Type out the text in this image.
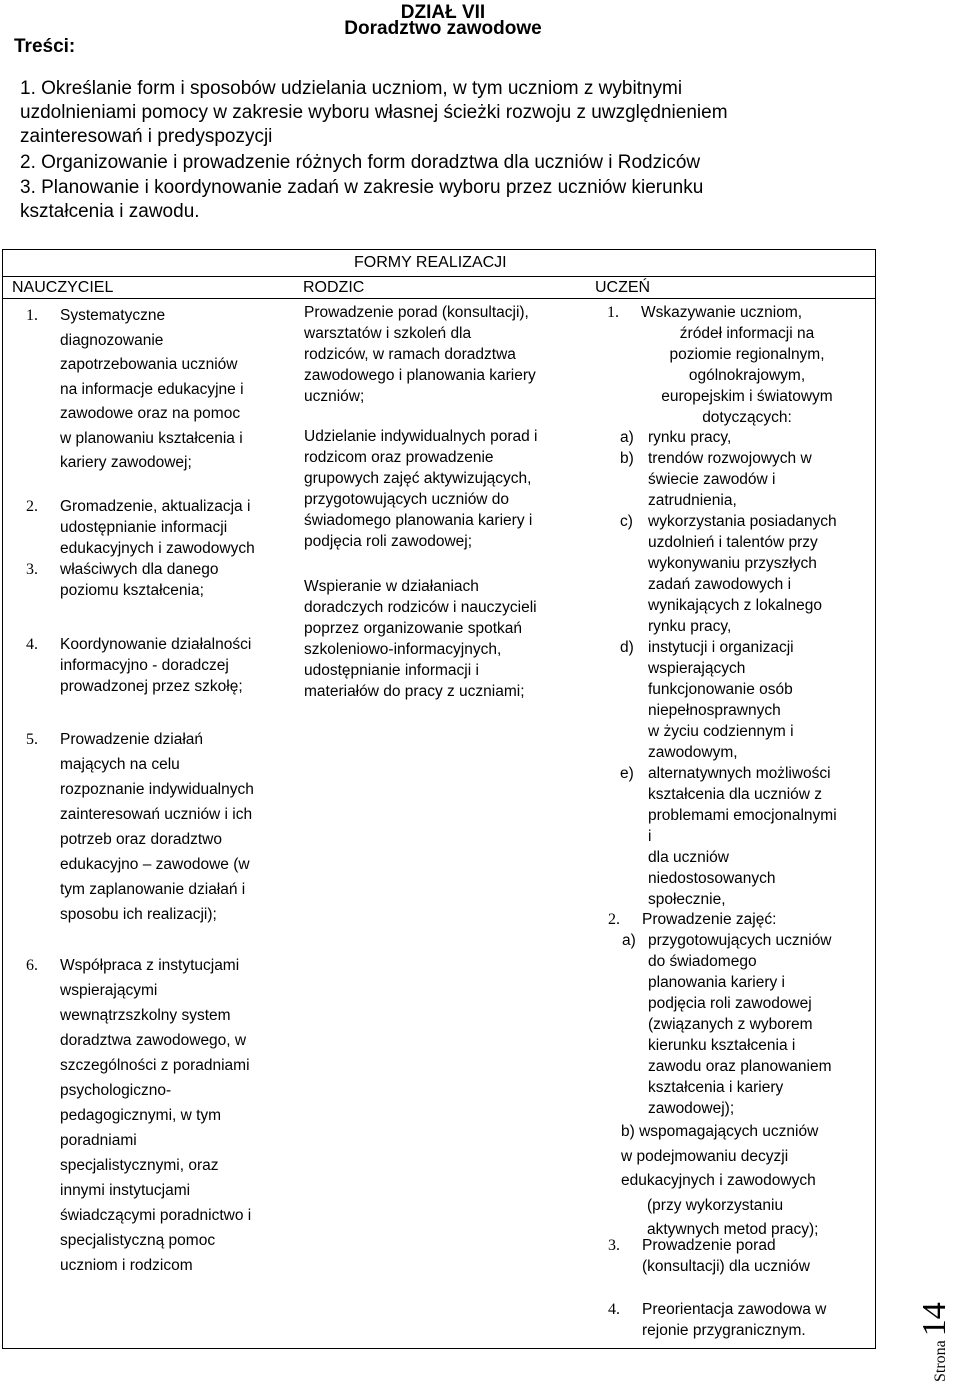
DZIAŁ VII
Doradztwo zawodowe
Treści:
1. Określanie form i sposobów udzielania uczniom, w tym uczniom z wybitnymi
uzdolnieniami pomocy w zakresie wyboru własnej ścieżki rozwoju z uwzględnieniem
zainteresowań i predyspozycji
2. Organizowanie i prowadzenie różnych form doradztwa dla uczniów i Rodziców
3. Planowanie i koordynowanie zadań w zakresie wyboru przez uczniów kierunku
kształcenia i zawodu.
FORMY REALIZACJI
NAUCZYCIEL	RODZIC	UCZEŃ
1. Systematyczne
diagnozowanie
zapotrzebowania uczniów
na informacje edukacyjne i
zawodowe oraz na pomoc
w planowaniu kształcenia i
kariery zawodowej;
2. Gromadzenie, aktualizacja i
udostępnianie informacji
edukacyjnych i zawodowych
3. właściwych dla danego
poziomu kształcenia;
4. Koordynowanie działalności
informacyjno - doradczej
prowadzonej przez szkołę;
5. Prowadzenie działań
mających na celu
rozpoznanie indywidualnych
zainteresowań uczniów i ich
potrzeb oraz doradztwo
edukacyjno – zawodowe (w
tym zaplanowanie działań i
sposobu ich realizacji);
6. Współpraca z instytucjami
wspierającymi
wewnątrzszkolny system
doradztwa zawodowego, w
szczególności z poradniami
psychologiczno-
pedagogicznymi, w tym
poradniami
specjalistycznymi, oraz
innymi instytucjami
świadczącymi poradnictwo i
specjalistyczną pomoc
uczniom i rodzicom
Prowadzenie porad (konsultacji),
warsztatów i szkoleń dla
rodziców, w ramach doradztwa
zawodowego i planowania kariery
uczniów;
Udzielanie indywidualnych porad i
rodzicom oraz prowadzenie
grupowych zajęć aktywizujących,
przygotowujących uczniów do
świadomego planowania kariery i
podjęcia roli zawodowej;
Wspieranie w działaniach
doradczych rodziców i nauczycieli
poprzez organizowanie spotkań
szkoleniowo-informacyjnych,
udostępnianie informacji i
materiałów do pracy z uczniami;
1. Wskazywanie uczniom,
źródeł informacji na
poziomie regionalnym,
ogólnokrajowym,
europejskim i światowym
dotyczących:
a) rynku pracy,
b) trendów rozwojowych w
świecie zawodów i
zatrudnienia,
c) wykorzystania posiadanych
uzdolnień i talentów przy
wykonywaniu przyszłych
zadań zawodowych i
wynikających z lokalnego
rynku pracy,
d) instytucji i organizacji
wspierających
funkcjonowanie osób
niepełnosprawnych
w życiu codziennym i
zawodowym,
e) alternatywnych możliwości
kształcenia dla uczniów z
problemami emocjonalnymi
i
dla uczniów
niedostosowanych
społecznie,
2. Prowadzenie zajęć:
a) przygotowujących uczniów
do świadomego
planowania kariery i
podjęcia roli zawodowej
(związanych z wyborem
kierunku kształcenia i
zawodu oraz planowaniem
kształcenia i kariery
zawodowej);
b) wspomagających uczniów
w podejmowaniu decyzji
edukacyjnych i zawodowych
(przy wykorzystaniu
aktywnych metod pracy);
3. Prowadzenie porad
(konsultacji) dla uczniów
4. Preorientacja zawodowa w
rejonie przygranicznym.
Strona14
